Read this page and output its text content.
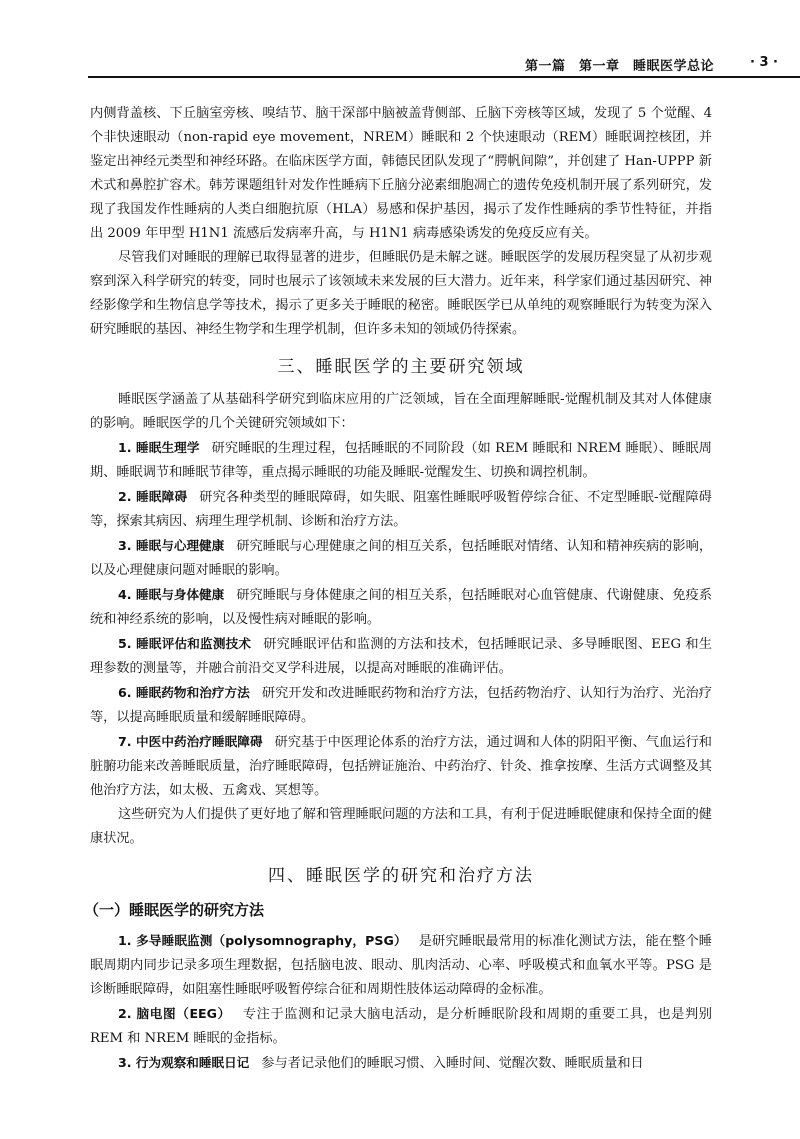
第一篇　第一章　睡眠医学总论	· 3 ·

内侧背盖核、下丘脑室旁核、嗅结节、脑干深部中脑被盖背侧部、丘脑下旁核等区域，发现了 5 个觉醒、4 个非快速眼动（non-rapid eye movement，NREM）睡眠和 2 个快速眼动（REM）睡眠调控核团，并鉴定出神经元类型和神经环路。在临床医学方面，韩德民团队发现了“腭帆间隙”，并创建了 Han-UPPP 新术式和鼻腔扩容术。韩芳课题组针对发作性睡病下丘脑分泌素细胞凋亡的遗传免疫机制开展了系列研究，发现了我国发作性睡病的人类白细胞抗原（HLA）易感和保护基因，揭示了发作性睡病的季节性特征，并指出 2009 年甲型 H1N1 流感后发病率升高，与 H1N1 病毒感染诱发的免疫反应有关。

尽管我们对睡眠的理解已取得显著的进步，但睡眠仍是未解之谜。睡眠医学的发展历程突显了从初步观察到深入科学研究的转变，同时也展示了该领域未来发展的巨大潜力。近年来，科学家们通过基因研究、神经影像学和生物信息学等技术，揭示了更多关于睡眠的秘密。睡眠医学已从单纯的观察睡眠行为转变为深入研究睡眠的基因、神经生物学和生理学机制，但许多未知的领域仍待探索。

三、睡眠医学的主要研究领域

睡眠医学涵盖了从基础科学研究到临床应用的广泛领域，旨在全面理解睡眠-觉醒机制及其对人体健康的影响。睡眠医学的几个关键研究领域如下：

1. 睡眠生理学 研究睡眠的生理过程，包括睡眠的不同阶段（如 REM 睡眠和 NREM 睡眠）、睡眠周期、睡眠调节和睡眠节律等，重点揭示睡眠的功能及睡眠-觉醒发生、切换和调控机制。

2. 睡眠障碍 研究各种类型的睡眠障碍，如失眠、阻塞性睡眠呼吸暂停综合征、不定型睡眠-觉醒障碍等，探索其病因、病理生理学机制、诊断和治疗方法。

3. 睡眠与心理健康 研究睡眠与心理健康之间的相互关系，包括睡眠对情绪、认知和精神疾病的影响，以及心理健康问题对睡眠的影响。

4. 睡眠与身体健康 研究睡眠与身体健康之间的相互关系，包括睡眠对心血管健康、代谢健康、免疫系统和神经系统的影响，以及慢性病对睡眠的影响。

5. 睡眠评估和监测技术 研究睡眠评估和监测的方法和技术，包括睡眠记录、多导睡眠图、EEG 和生理参数的测量等，并融合前沿交叉学科进展，以提高对睡眠的准确评估。

6. 睡眠药物和治疗方法 研究开发和改进睡眠药物和治疗方法，包括药物治疗、认知行为治疗、光治疗等，以提高睡眠质量和缓解睡眠障碍。

7. 中医中药治疗睡眠障碍 研究基于中医理论体系的治疗方法，通过调和人体的阴阳平衡、气血运行和脏腑功能来改善睡眠质量，治疗睡眠障碍，包括辨证施治、中药治疗、针灸、推拿按摩、生活方式调整及其他治疗方法，如太极、五禽戏、冥想等。

这些研究为人们提供了更好地了解和管理睡眠问题的方法和工具，有利于促进睡眠健康和保持全面的健康状况。

四、睡眠医学的研究和治疗方法
（一）睡眠医学的研究方法

1. 多导睡眠监测（polysomnography，PSG） 是研究睡眠最常用的标准化测试方法，能在整个睡眠周期内同步记录多项生理数据，包括脑电波、眼动、肌肉活动、心率、呼吸模式和血氧水平等。PSG 是诊断睡眠障碍，如阻塞性睡眠呼吸暂停综合征和周期性肢体运动障碍的金标准。

2. 脑电图（EEG） 专注于监测和记录大脑电活动，是分析睡眠阶段和周期的重要工具，也是判别 REM 和 NREM 睡眠的金指标。

3. 行为观察和睡眠日记 参与者记录他们的睡眠习惯、入睡时间、觉醒次数、睡眠质量和日
